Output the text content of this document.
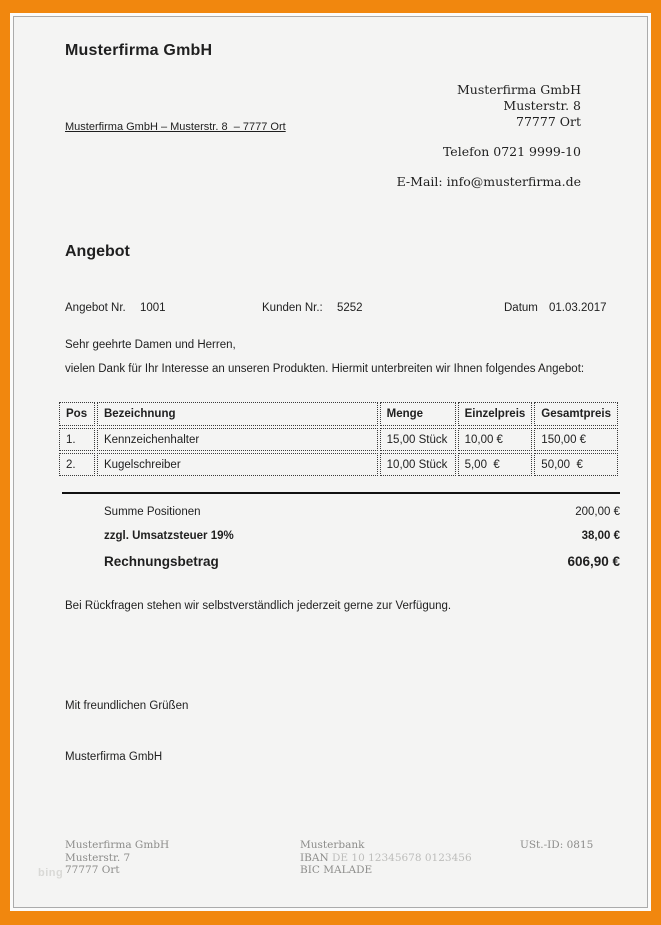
Musterfirma GmbH
Musterfirma GmbH – Musterstr. 8  – 7777 Ort
Musterfirma GmbH
Musterstr. 8
77777 Ort
Telefon 0721 9999-10
E-Mail: info@musterfirma.de
Angebot
Angebot Nr. 1001	Kunden Nr.: 5252	Datum 01.03.2017
Sehr geehrte Damen und Herren,
vielen Dank für Ihr Interesse an unseren Produkten. Hiermit unterbreiten wir Ihnen folgendes Angebot:
Pos	Bezeichnung	Menge	Einzelpreis	Gesamtpreis
1.	Kennzeichenhalter	15,00 Stück	10,00 €	150,00 €
2.	Kugelschreiber	10,00 Stück	5,00  €	50,00  €
Summe Positionen	200,00 €
zzgl. Umsatzsteuer 19%	38,00 €
Rechnungsbetrag	606,90 €
Bei Rückfragen stehen wir selbstverständlich jederzeit gerne zur Verfügung.
Mit freundlichen Grüßen
Musterfirma GmbH
Musterfirma GmbH
Musterstr. 7
77777 Ort
Musterbank
IBAN DE 10 12345678 0123456
BIC MALADE
USt.-ID: 0815
bing
